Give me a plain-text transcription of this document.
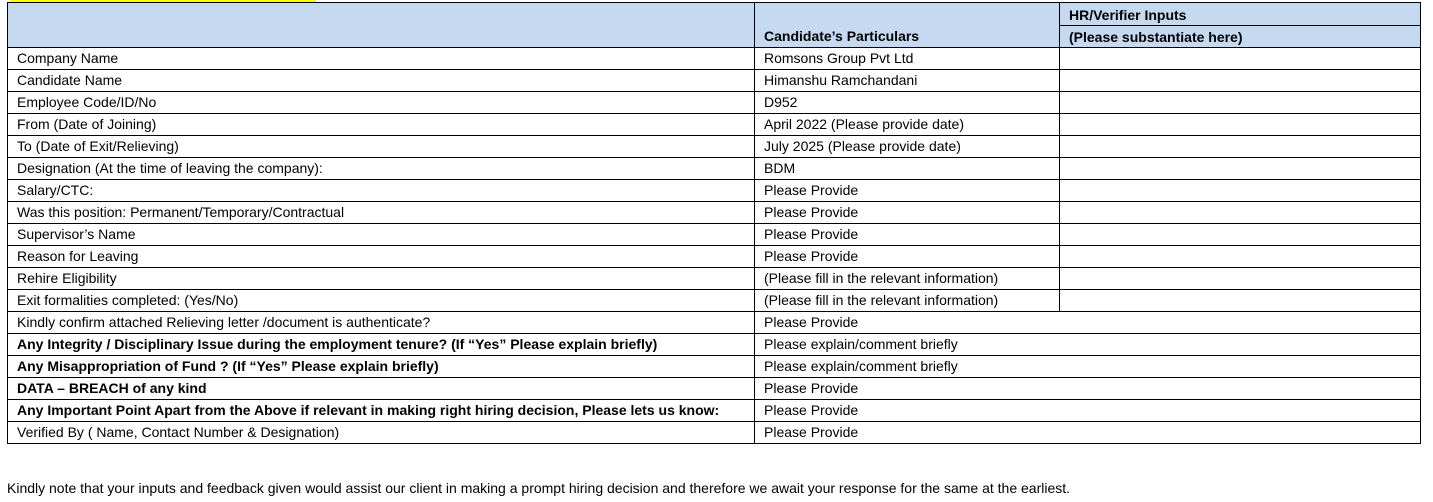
	Candidate’s Particulars	HR/Verifier Inputs
(Please substantiate here)

Company Name	Romsons Group Pvt Ltd	
Candidate Name	Himanshu Ramchandani	
Employee Code/ID/No	D952	
From (Date of Joining)	April 2022 (Please provide date)	
To (Date of Exit/Relieving)	July 2025 (Please provide date)	
Designation (At the time of leaving the company):	BDM	
Salary/CTC:	Please Provide	
Was this position: Permanent/Temporary/Contractual	Please Provide	
Supervisor’s Name	Please Provide	
Reason for Leaving	Please Provide	
Rehire Eligibility	(Please fill in the relevant information)	
Exit formalities completed: (Yes/No)	(Please fill in the relevant information)	
Kindly confirm attached Relieving letter /document is authenticate?	Please Provide	
Any Integrity / Disciplinary Issue during the employment tenure? (If “Yes” Please explain briefly)	Please explain/comment briefly	
Any Misappropriation of Fund ? (If “Yes” Please explain briefly)	Please explain/comment briefly	
DATA – BREACH of any kind	Please Provide	
Any Important Point Apart from the Above if relevant in making right hiring decision, Please lets us know:	Please Provide	
Verified By ( Name, Contact Number & Designation)	Please Provide	
Kindly note that your inputs and feedback given would assist our client in making a prompt hiring decision and therefore we await your response for the same at the earliest.
